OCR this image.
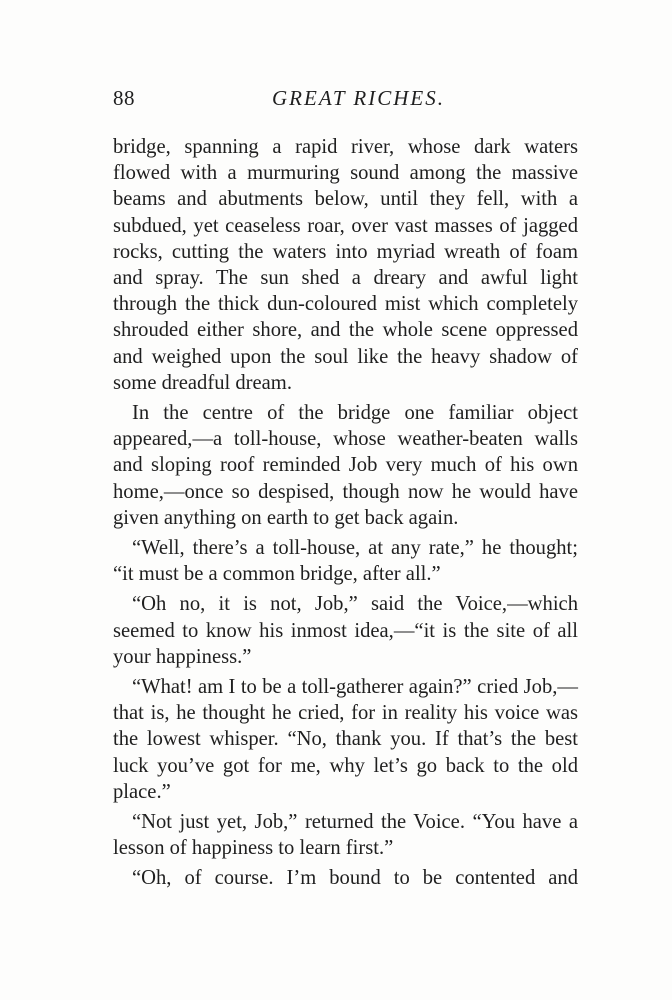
88	GREAT RICHES.

bridge, spanning a rapid river, whose dark waters flowed with a murmuring sound among the massive beams and abutments below, until they fell, with a subdued, yet ceaseless roar, over vast masses of jagged rocks, cutting the waters into myriad wreath of foam and spray. The sun shed a dreary and awful light through the thick dun-coloured mist which completely shrouded either shore, and the whole scene oppressed and weighed upon the soul like the heavy shadow of some dreadful dream.

In the centre of the bridge one familiar object appeared,—a toll-house, whose weather-beaten walls and sloping roof reminded Job very much of his own home,—once so despised, though now he would have given anything on earth to get back again.

“Well, there’s a toll-house, at any rate,” he thought; “it must be a common bridge, after all.”

“Oh no, it is not, Job,” said the Voice,—which seemed to know his inmost idea,—“it is the site of all your happiness.”

“What! am I to be a toll-gatherer again?” cried Job,—that is, he thought he cried, for in reality his voice was the lowest whisper. “No, thank you. If that’s the best luck you’ve got for me, why let’s go back to the old place.”

“Not just yet, Job,” returned the Voice. “You have a lesson of happiness to learn first.”

“Oh, of course. I’m bound to be contented and
